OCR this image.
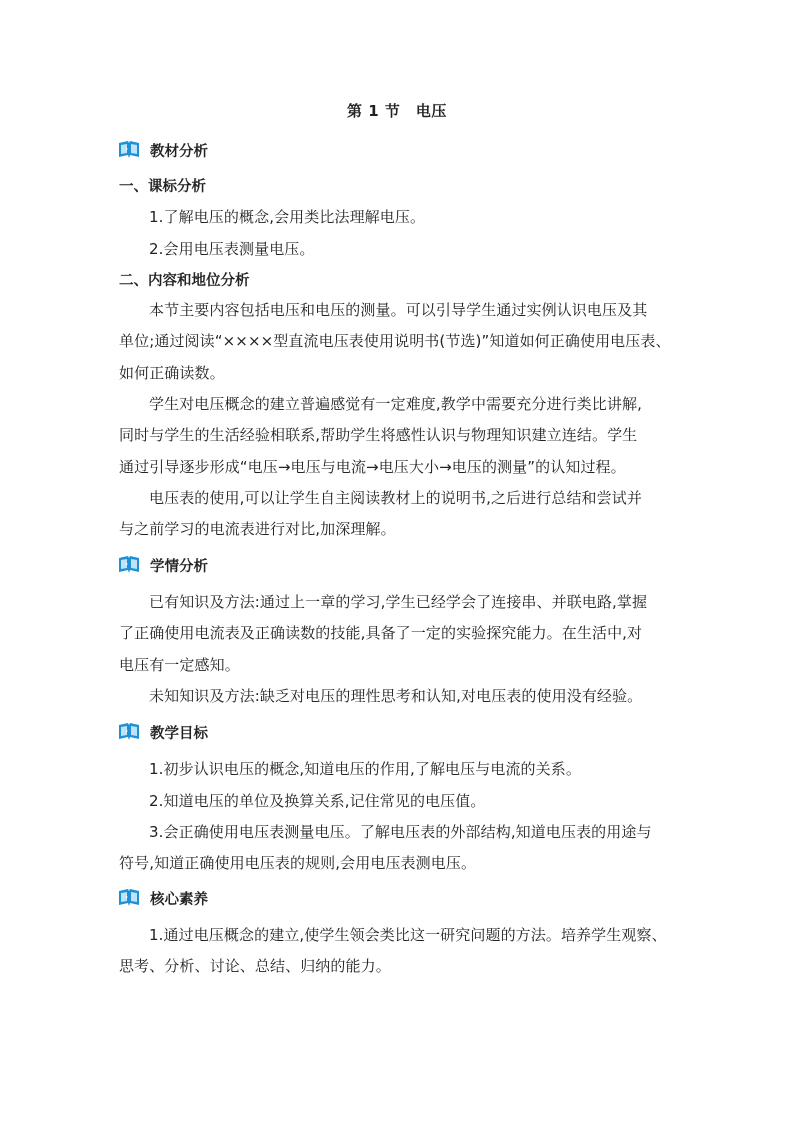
第 1 节　电压
教材分析
一、课标分析
1.了解电压的概念,会用类比法理解电压。
2.会用电压表测量电压。
二、内容和地位分析
本节主要内容包括电压和电压的测量。可以引导学生通过实例认识电压及其
单位;通过阅读“××××型直流电压表使用说明书(节选)”知道如何正确使用电压表、
如何正确读数。
学生对电压概念的建立普遍感觉有一定难度,教学中需要充分进行类比讲解,
同时与学生的生活经验相联系,帮助学生将感性认识与物理知识建立连结。学生
通过引导逐步形成“电压→电压与电流→电压大小→电压的测量”的认知过程。
电压表的使用,可以让学生自主阅读教材上的说明书,之后进行总结和尝试并
与之前学习的电流表进行对比,加深理解。
学情分析
已有知识及方法:通过上一章的学习,学生已经学会了连接串、并联电路,掌握
了正确使用电流表及正确读数的技能,具备了一定的实验探究能力。在生活中,对
电压有一定感知。
未知知识及方法:缺乏对电压的理性思考和认知,对电压表的使用没有经验。
教学目标
1.初步认识电压的概念,知道电压的作用,了解电压与电流的关系。
2.知道电压的单位及换算关系,记住常见的电压值。
3.会正确使用电压表测量电压。了解电压表的外部结构,知道电压表的用途与
符号,知道正确使用电压表的规则,会用电压表测电压。
核心素养
1.通过电压概念的建立,使学生领会类比这一研究问题的方法。培养学生观察、
思考、分析、讨论、总结、归纳的能力。
